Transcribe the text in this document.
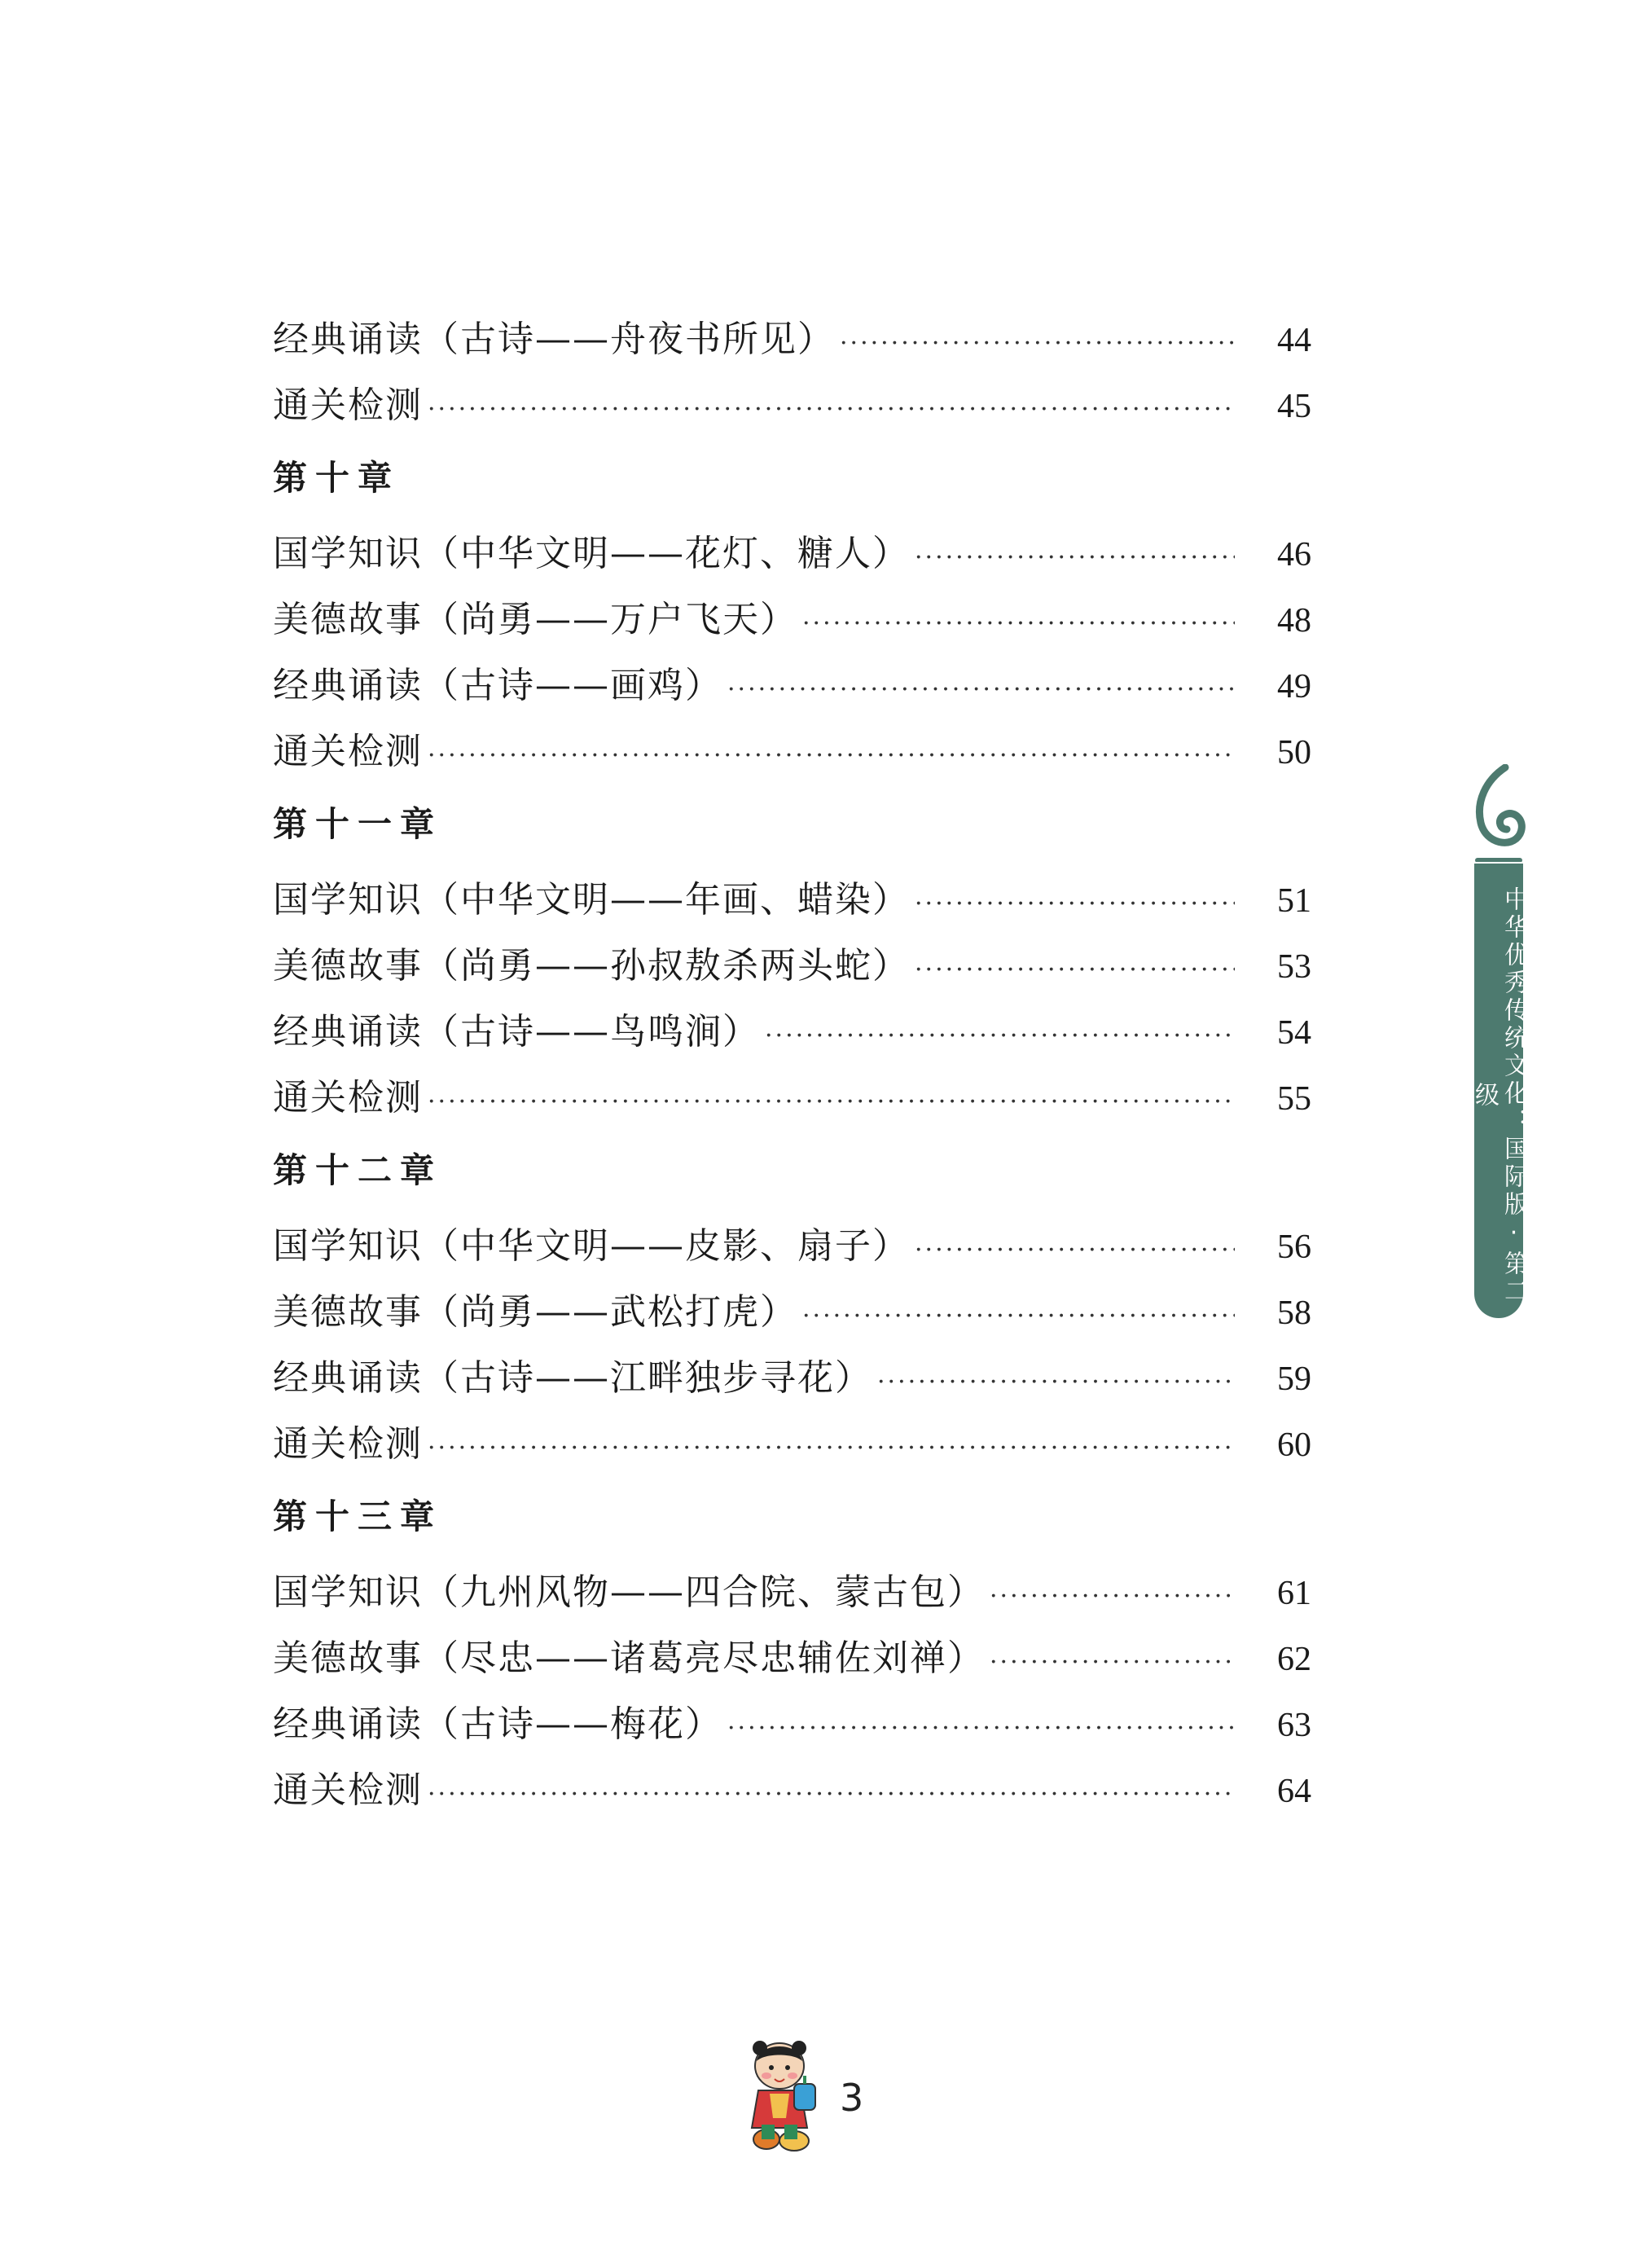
经典诵读（古诗——舟夜书所见） ·····	44
通关检测 ·····	45
第十章
国学知识（中华文明——花灯、糖人） ·····	46
美德故事（尚勇——万户飞天） ·····	48
经典诵读（古诗——画鸡） ·····	49
通关检测 ·····	50
第十一章
国学知识（中华文明——年画、蜡染） ·····	51
美德故事（尚勇——孙叔敖杀两头蛇） ·····	53
经典诵读（古诗——鸟鸣涧） ·····	54
通关检测 ·····	55
第十二章
国学知识（中华文明——皮影、扇子） ·····	56
美德故事（尚勇——武松打虎） ·····	58
经典诵读（古诗——江畔独步寻花） ·····	59
通关检测 ·····	60
第十三章
国学知识（九州风物——四合院、蒙古包） ·····	61
美德故事（尽忠——诸葛亮尽忠辅佐刘禅） ·····	62
经典诵读（古诗——梅花） ·····	63
通关检测 ·····	64
中华优秀传统文化：国际版·第二级
3
